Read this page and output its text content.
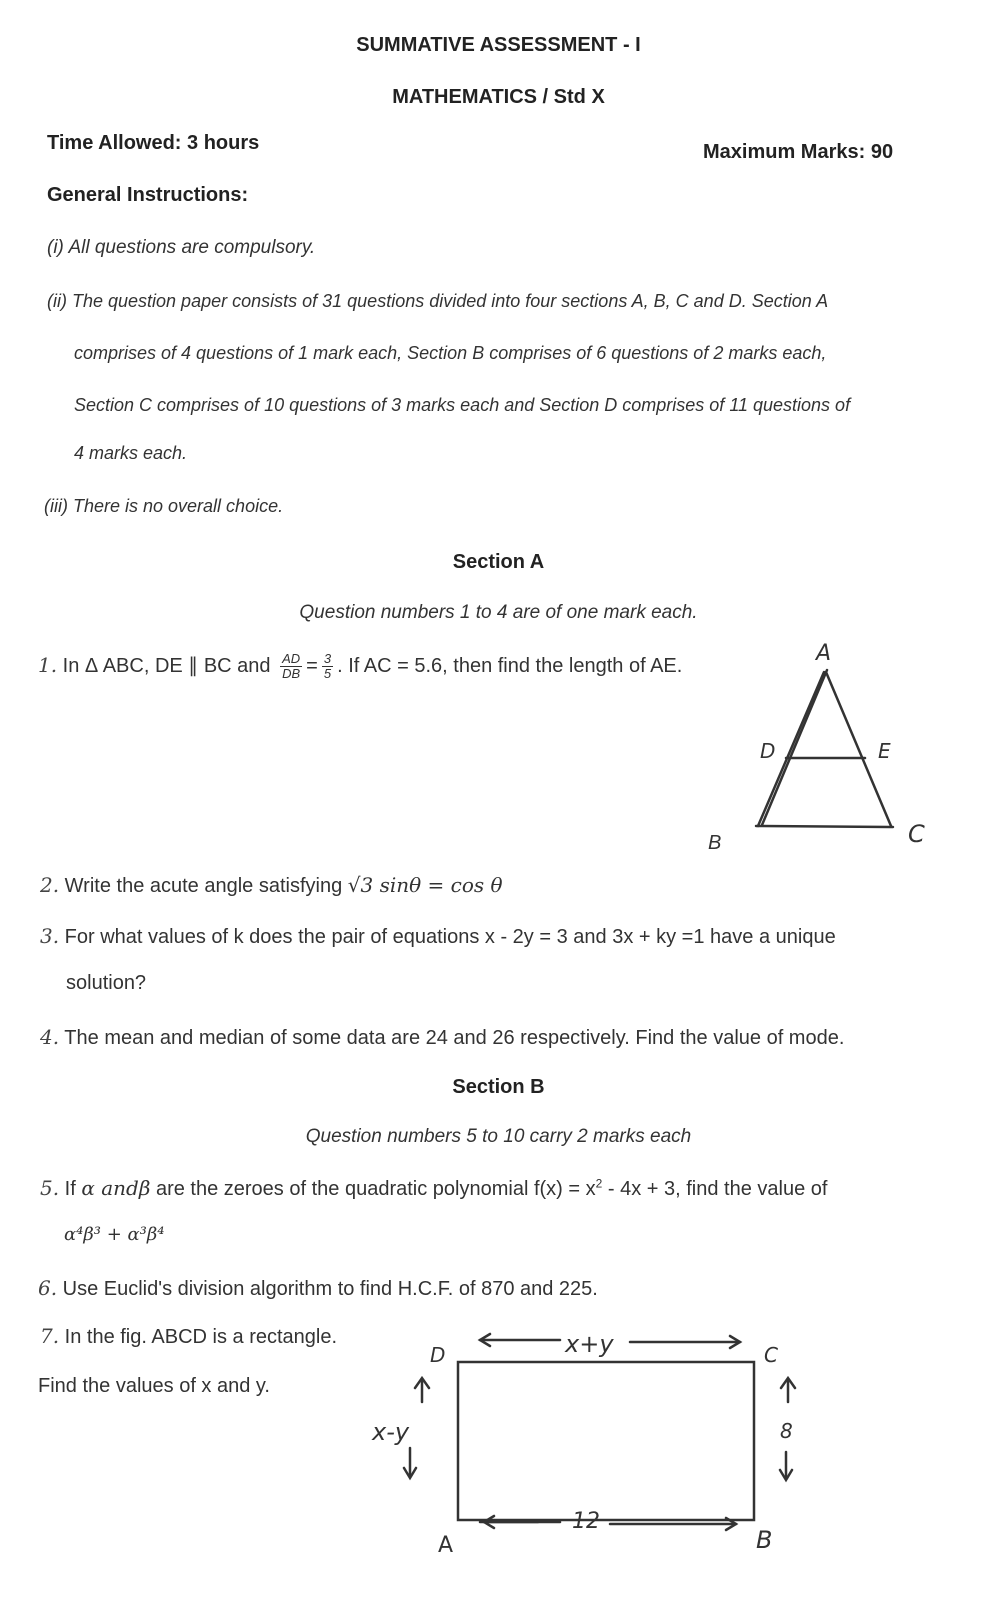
SUMMATIVE ASSESSMENT - I
MATHEMATICS / Std X
Time Allowed: 3 hours	Maximum Marks: 90
General Instructions:
(i) All questions are compulsory.
(ii) The question paper consists of 31 questions divided into four sections A, B, C and D. Section A
comprises of 4 questions of 1 mark each, Section B comprises of 6 questions of 2 marks each,
Section C comprises of 10 questions of 3 marks each and Section D comprises of 11 questions of
4 marks each.
(iii) There is no overall choice.
Section A
Question numbers 1 to 4 are of one mark each.
1. In Δ ABC, DE ∥ BC and $\frac{AD}{DB} = \frac{3}{5}$ . If AC = 5.6, then find the length of AE.	A
D	E
C
B
2. Write the acute angle satisfying √3 sinθ = cos θ
3. For what values of k does the pair of equations x - 2y = 3 and 3x + ky =1 have a unique
solution?
4. The mean and median of some data are 24 and 26 respectively. Find the value of mode.
Section B
Question numbers 5 to 10 carry 2 marks each
5. If α andβ are the zeroes of the quadratic polynomial $f(x) = x^2 - 4x + 3$, find the value of
α⁴β³ + α³β⁴
6. Use Euclid's division algorithm to find H.C.F. of 870 and 225.
7. In the fig. ABCD is a rectangle.
Find the values of x and y.
x+y
x-y	8
12
D	C
A	B
